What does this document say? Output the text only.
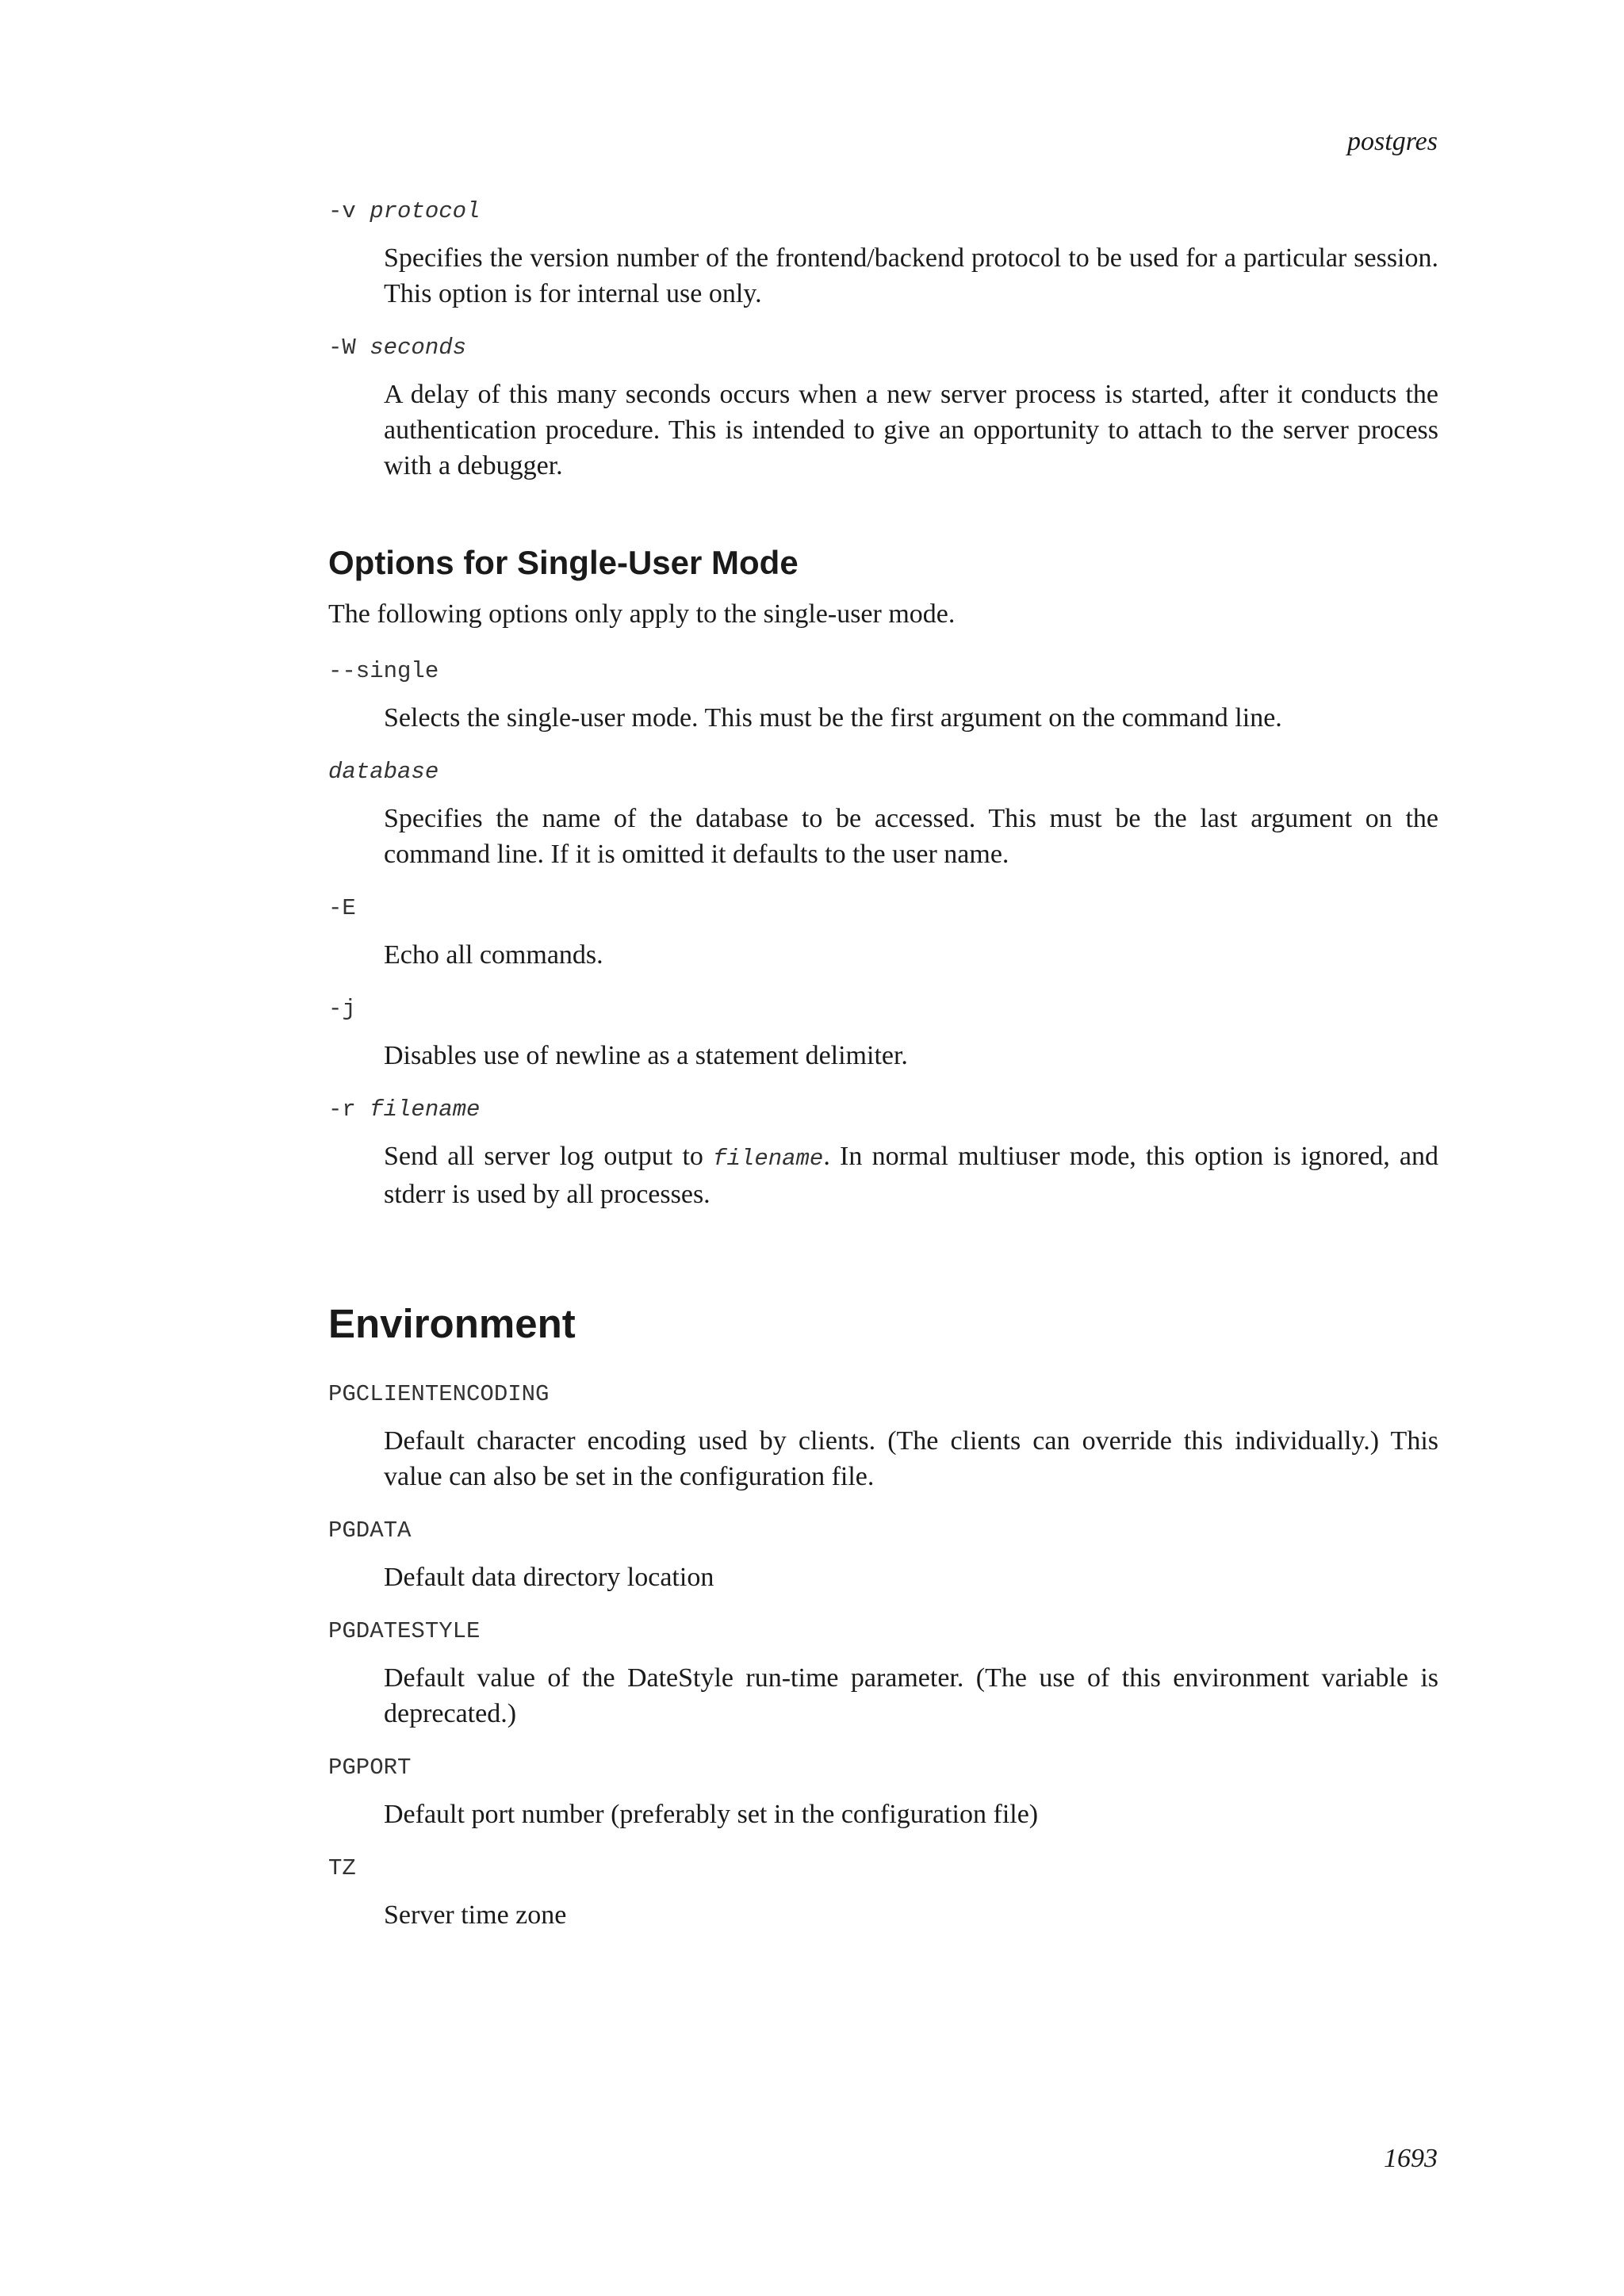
postgres
-v protocol
Specifies the version number of the frontend/backend protocol to be used for a particular session. This option is for internal use only.
-W seconds
A delay of this many seconds occurs when a new server process is started, after it conducts the authentication procedure. This is intended to give an opportunity to attach to the server process with a debugger.
Options for Single-User Mode

The following options only apply to the single-user mode.

--single
Selects the single-user mode. This must be the first argument on the command line.
database
Specifies the name of the database to be accessed. This must be the last argument on the command line. If it is omitted it defaults to the user name.
-E
Echo all commands.
-j
Disables use of newline as a statement delimiter.
-r filename
Send all server log output to filename. In normal multiuser mode, this option is ignored, and stderr is used by all processes.
Environment
PGCLIENTENCODING
Default character encoding used by clients. (The clients can override this individually.) This value can also be set in the configuration file.
PGDATA
Default data directory location
PGDATESTYLE
Default value of the DateStyle run-time parameter. (The use of this environment variable is deprecated.)
PGPORT
Default port number (preferably set in the configuration file)
TZ
Server time zone
1693
